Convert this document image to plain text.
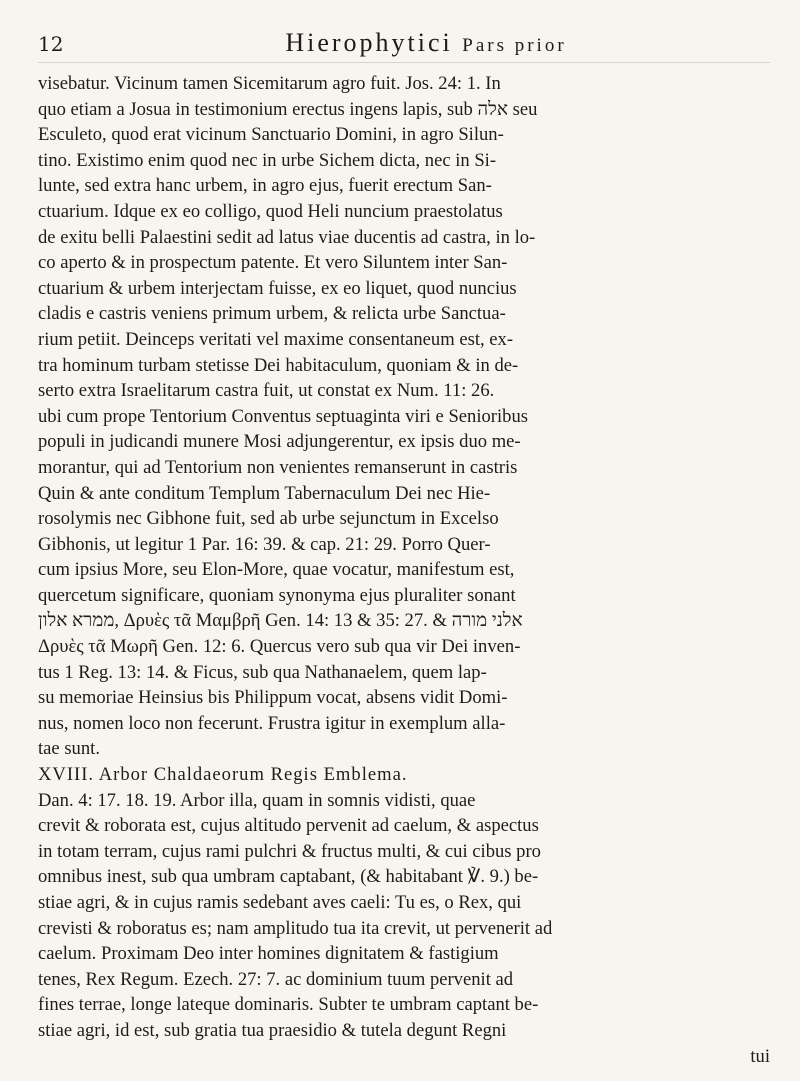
12	Hierophytici Pars prior
visebatur. Vicinum tamen Sicemitarum agro fuit. Jos. 24: 1. In
quo etiam a Josua in testimonium erectus ingens lapis, sub אלה seu
Esculeto, quod erat vicinum Sanctuario Domini, in agro Silun-
tino. Existimo enim quod nec in urbe Sichem dicta, nec in Si-
lunte, sed extra hanc urbem, in agro ejus, fuerit erectum San-
ctuarium. Idque ex eo colligo, quod Heli nuncium praestolatus
de exitu belli Palaestini sedit ad latus viae ducentis ad castra, in lo-
co aperto & in prospectum patente. Et vero Siluntem inter San-
ctuarium & urbem interjectam fuisse, ex eo liquet, quod nuncius
cladis e castris veniens primum urbem, & relicta urbe Sanctua-
rium petiit. Deinceps veritati vel maxime consentaneum est, ex-
tra hominum turbam stetisse Dei habitaculum, quoniam & in de-
serto extra Israelitarum castra fuit, ut constat ex Num. 11: 26.
ubi cum prope Tentorium Conventus septuaginta viri e Senioribus
populi in judicandi munere Mosi adjungerentur, ex ipsis duo me-
morantur, qui ad Tentorium non venientes remanserunt in castris
Quin & ante conditum Templum Tabernaculum Dei nec Hie-
rosolymis nec Gibhone fuit, sed ab urbe sejunctum in Excelso
Gibhonis, ut legitur 1 Par. 16: 39. & cap. 21: 29. Porro Quer-
cum ipsius More, seu Elon-More, quae vocatur, manifestum est,
quercetum significare, quoniam synonyma ejus pluraliter sonant
ממרא אלון, Δρυὲς τᾶ Μαμβρῆ Gen. 14: 13 & 35: 27. & אלני מורה
Δρυὲς τᾶ Μωρῆ Gen. 12: 6. Quercus vero sub qua vir Dei inven-
tus 1 Reg. 13: 14. & Ficus, sub qua Nathanaelem, quem lap-
su memoriae Heinsius bis Philippum vocat, absens vidit Domi-
nus, nomen loco non fecerunt. Frustra igitur in exemplum alla-
tae sunt.
XVIII. Arbor Chaldaeorum Regis Emblema.
Dan. 4: 17. 18. 19. Arbor illa, quam in somnis vidisti, quae
crevit & roborata est, cujus altitudo pervenit ad caelum, & aspectus
in totam terram, cujus rami pulchri & fructus multi, & cui cibus pro
omnibus inest, sub qua umbram captabant, (& habitabant ℣. 9.) be-
stiae agri, & in cujus ramis sedebant aves caeli: Tu es, o Rex, qui
crevisti & roboratus es; nam amplitudo tua ita crevit, ut pervenerit ad
caelum. Proximam Deo inter homines dignitatem & fastigium
tenes, Rex Regum. Ezech. 27: 7. ac dominium tuum pervenit ad
fines terrae, longe lateque dominaris. Subter te umbram captant be-
stiae agri, id est, sub gratia tua praesidio & tutela degunt Regni
tui
